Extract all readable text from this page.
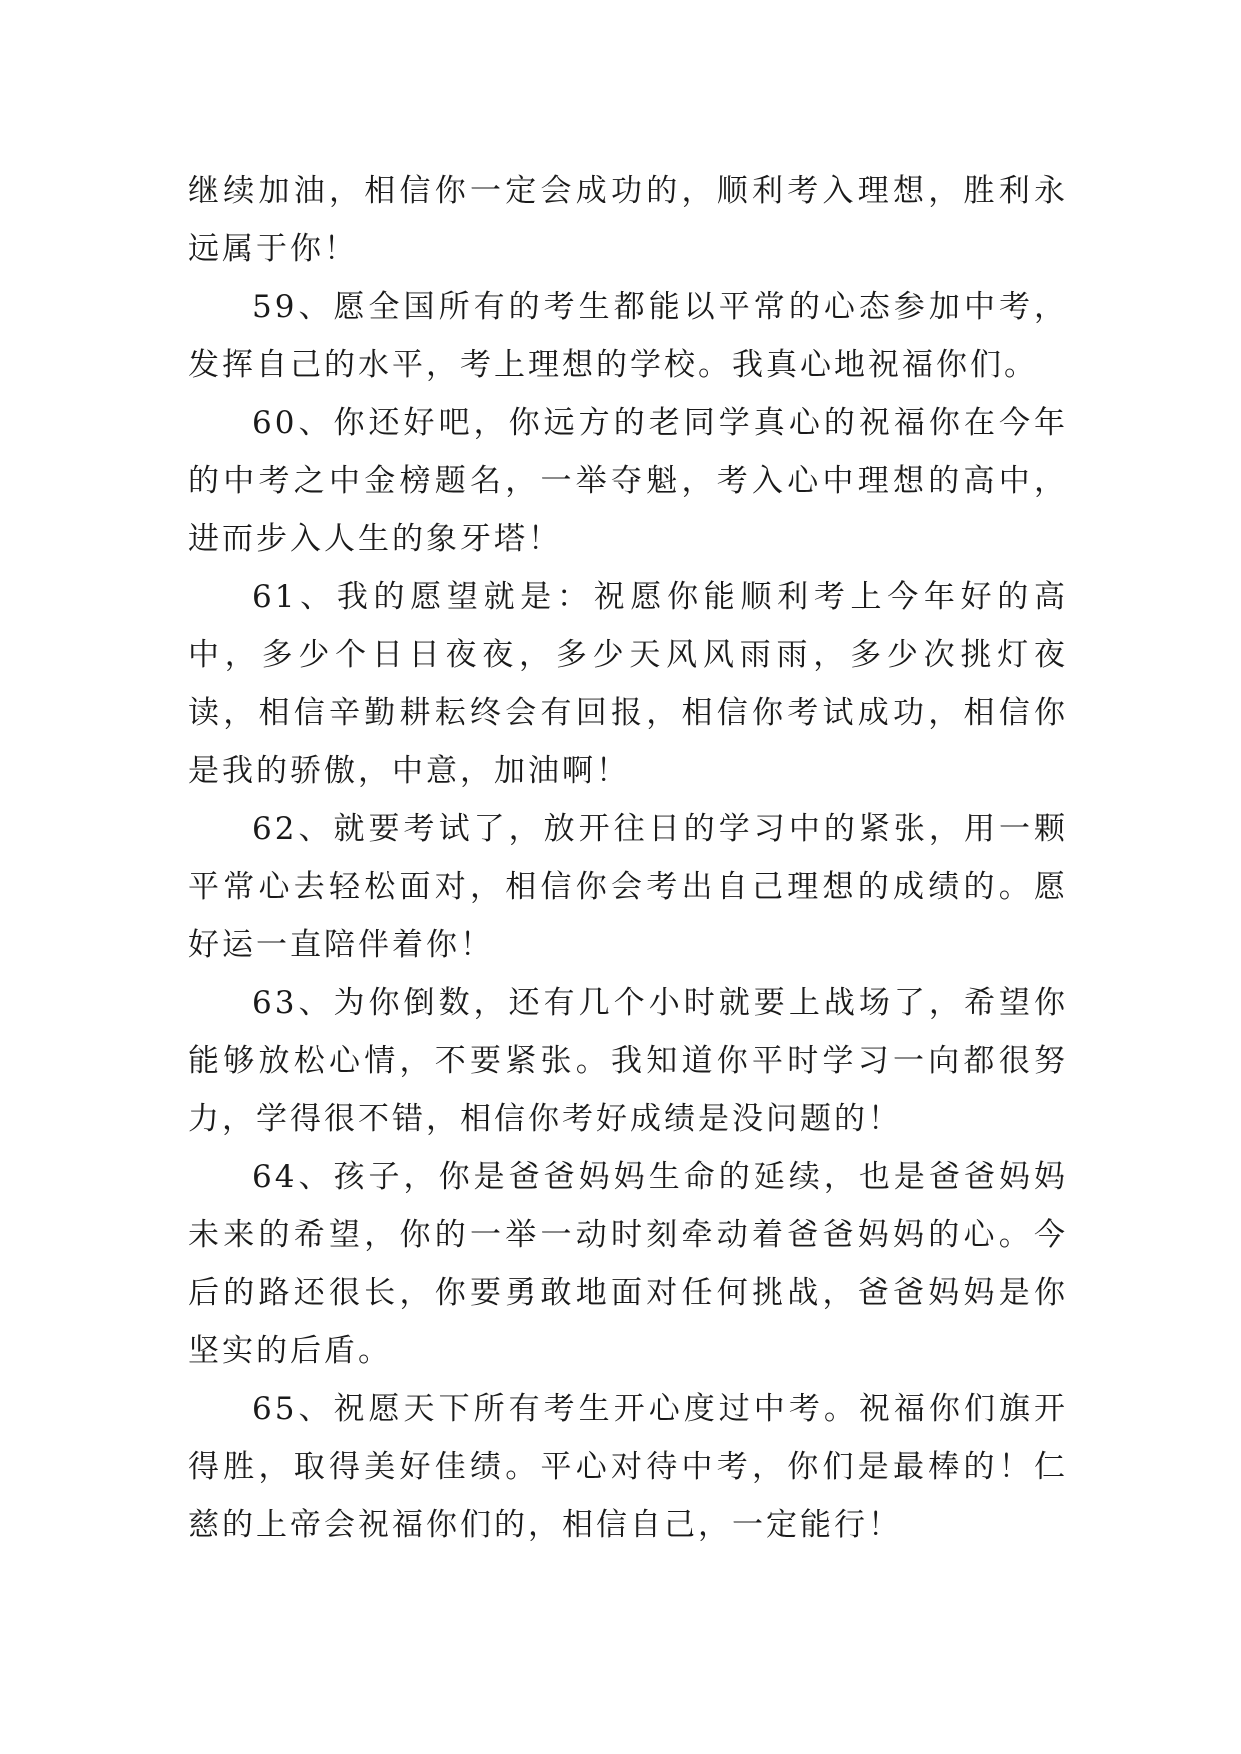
继续加油，相信你一定会成功的，顺利考入理想，胜利永远属于你！

59、愿全国所有的考生都能以平常的心态参加中考，发挥自己的水平，考上理想的学校。我真心地祝福你们。

60、你还好吧，你远方的老同学真心的祝福你在今年的中考之中金榜题名，一举夺魁，考入心中理想的高中，进而步入人生的象牙塔！

61、我的愿望就是：祝愿你能顺利考上今年好的高中，多少个日日夜夜，多少天风风雨雨，多少次挑灯夜读，相信辛勤耕耘终会有回报，相信你考试成功，相信你是我的骄傲，中意，加油啊！

62、就要考试了，放开往日的学习中的紧张，用一颗平常心去轻松面对，相信你会考出自己理想的成绩的。愿好运一直陪伴着你！

63、为你倒数，还有几个小时就要上战场了，希望你能够放松心情，不要紧张。我知道你平时学习一向都很努力，学得很不错，相信你考好成绩是没问题的！

64、孩子，你是爸爸妈妈生命的延续，也是爸爸妈妈未来的希望，你的一举一动时刻牵动着爸爸妈妈的心。今后的路还很长，你要勇敢地面对任何挑战，爸爸妈妈是你坚实的后盾。

65、祝愿天下所有考生开心度过中考。祝福你们旗开得胜，取得美好佳绩。平心对待中考，你们是最棒的！仁慈的上帝会祝福你们的，相信自己，一定能行！
